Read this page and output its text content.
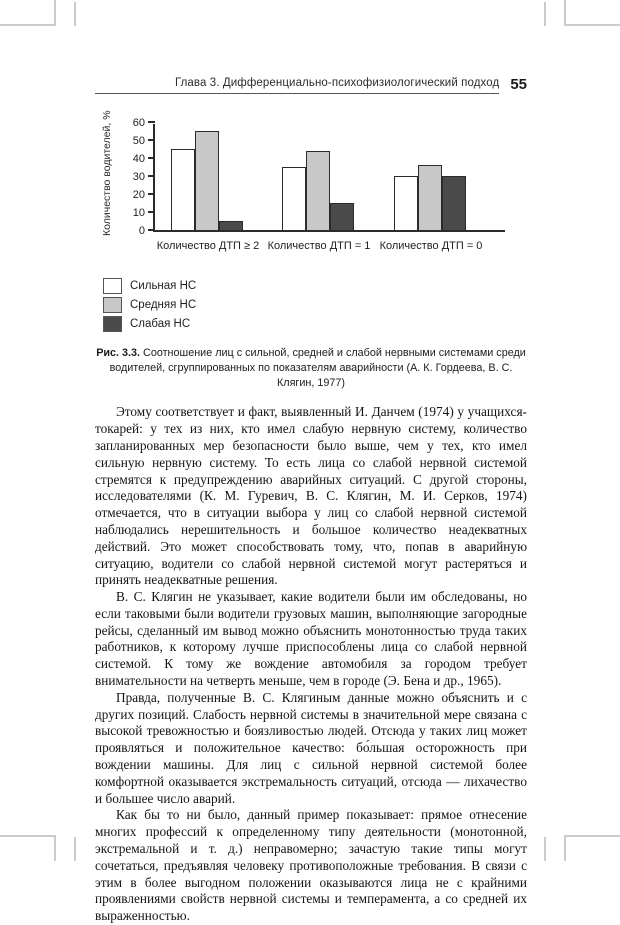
Глава 3. Дифференциально-психофизиологический подход 55
Количество водителей, %	0
10
20
30
40
50
60
Количество ДТП ≥ 2 Количество ДТП = 1 Количество ДТП = 0
Сильная НС
Средняя НС
Слабая НС
Рис. 3.3. Соотношение лиц с сильной, средней и слабой нервными системами среди водителей, сгруппированных по показателям аварийности (А. К. Гордеева, В. С. Клягин, 1977)

Этому соответствует и факт, выявленный И. Данчем (1974) у учащихся-токарей: у тех из них, кто имел слабую нервную систему, количество запланированных мер безопасности было выше, чем у тех, кто имел сильную нервную систему. То есть лица со слабой нервной системой стремятся к предупреждению аварийных ситуаций. С другой стороны, исследователями (К. М. Гуревич, В. С. Клягин, М. И. Серков, 1974) отмечается, что в ситуации выбора у лиц со слабой нервной системой наблюдались нерешительность и большое количество неадекватных действий. Это может способствовать тому, что, попав в аварийную ситуацию, водители со слабой нервной системой могут растеряться и принять неадекватные решения.

В. С. Клягин не указывает, какие водители были им обследованы, но если таковыми были водители грузовых машин, выполняющие загородные рейсы, сделанный им вывод можно объяснить монотонностью труда таких работников, к которому лучше приспособлены лица со слабой нервной системой. К тому же вождение автомобиля за городом требует внимательности на четверть меньше, чем в городе (Э. Бена и др., 1965).

Правда, полученные В. С. Клягиным данные можно объяснить и с других позиций. Слабость нервной системы в значительной мере связана с высокой тревожностью и боязливостью людей. Отсюда у таких лиц может проявляться и положительное качество: бо́льшая осторожность при вождении машины. Для лиц с сильной нервной системой более комфортной оказывается экстремальность ситуаций, отсюда — лихачество и большее число аварий.

Как бы то ни было, данный пример показывает: прямое отнесение многих профессий к определенному типу деятельности (монотонной, экстремальной и т. д.) неправомерно; зачастую такие типы могут сочетаться, предъявляя человеку противоположные требования. В связи с этим в более выгодном положении оказываются лица не с крайними проявлениями свойств нервной системы и темперамента, а со средней их выраженностью.
